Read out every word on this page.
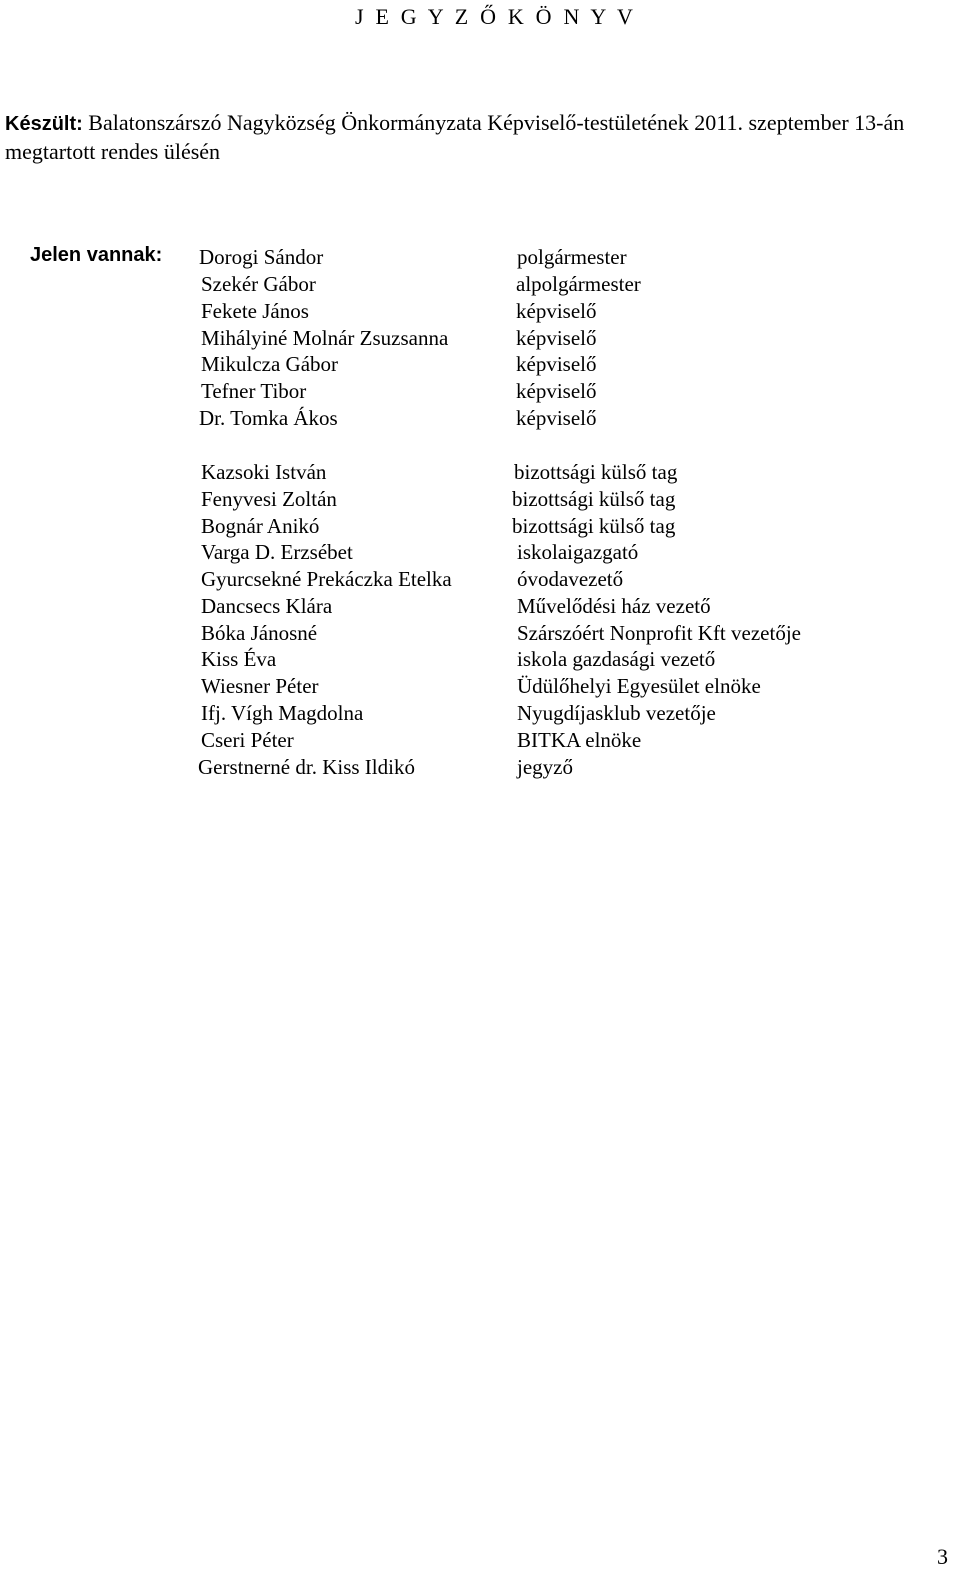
J E G Y Z Ő K Ö N Y V
Készült: Balatonszárszó Nagyközség Önkormányzata Képviselő-testületének 2011. szeptember 13-án megtartott rendes ülésén
Jelen vannak: Dorogi Sándor	polgármester
Szekér Gábor	alpolgármester
Fekete János	képviselő
Mihályiné Molnár Zsuzsanna	képviselő
Mikulcza Gábor	képviselő
Tefner Tibor	képviselő
Dr. Tomka Ákos	képviselő
Kazsoki István	bizottsági külső tag
Fenyvesi Zoltán	bizottsági külső tag
Bognár Anikó	bizottsági külső tag
Varga D. Erzsébet	iskolaigazgató
Gyurcsekné Prekáczka Etelka	óvodavezető
Dancsecs Klára	Művelődési ház vezető
Bóka Jánosné	Szárszóért Nonprofit Kft vezetője
Kiss Éva	iskola gazdasági vezető
Wiesner Péter	Üdülőhelyi Egyesület elnöke
Ifj. Vígh Magdolna	Nyugdíjasklub vezetője
Cseri Péter	BITKA elnöke
Gerstnerné dr. Kiss Ildikó	jegyző
3
